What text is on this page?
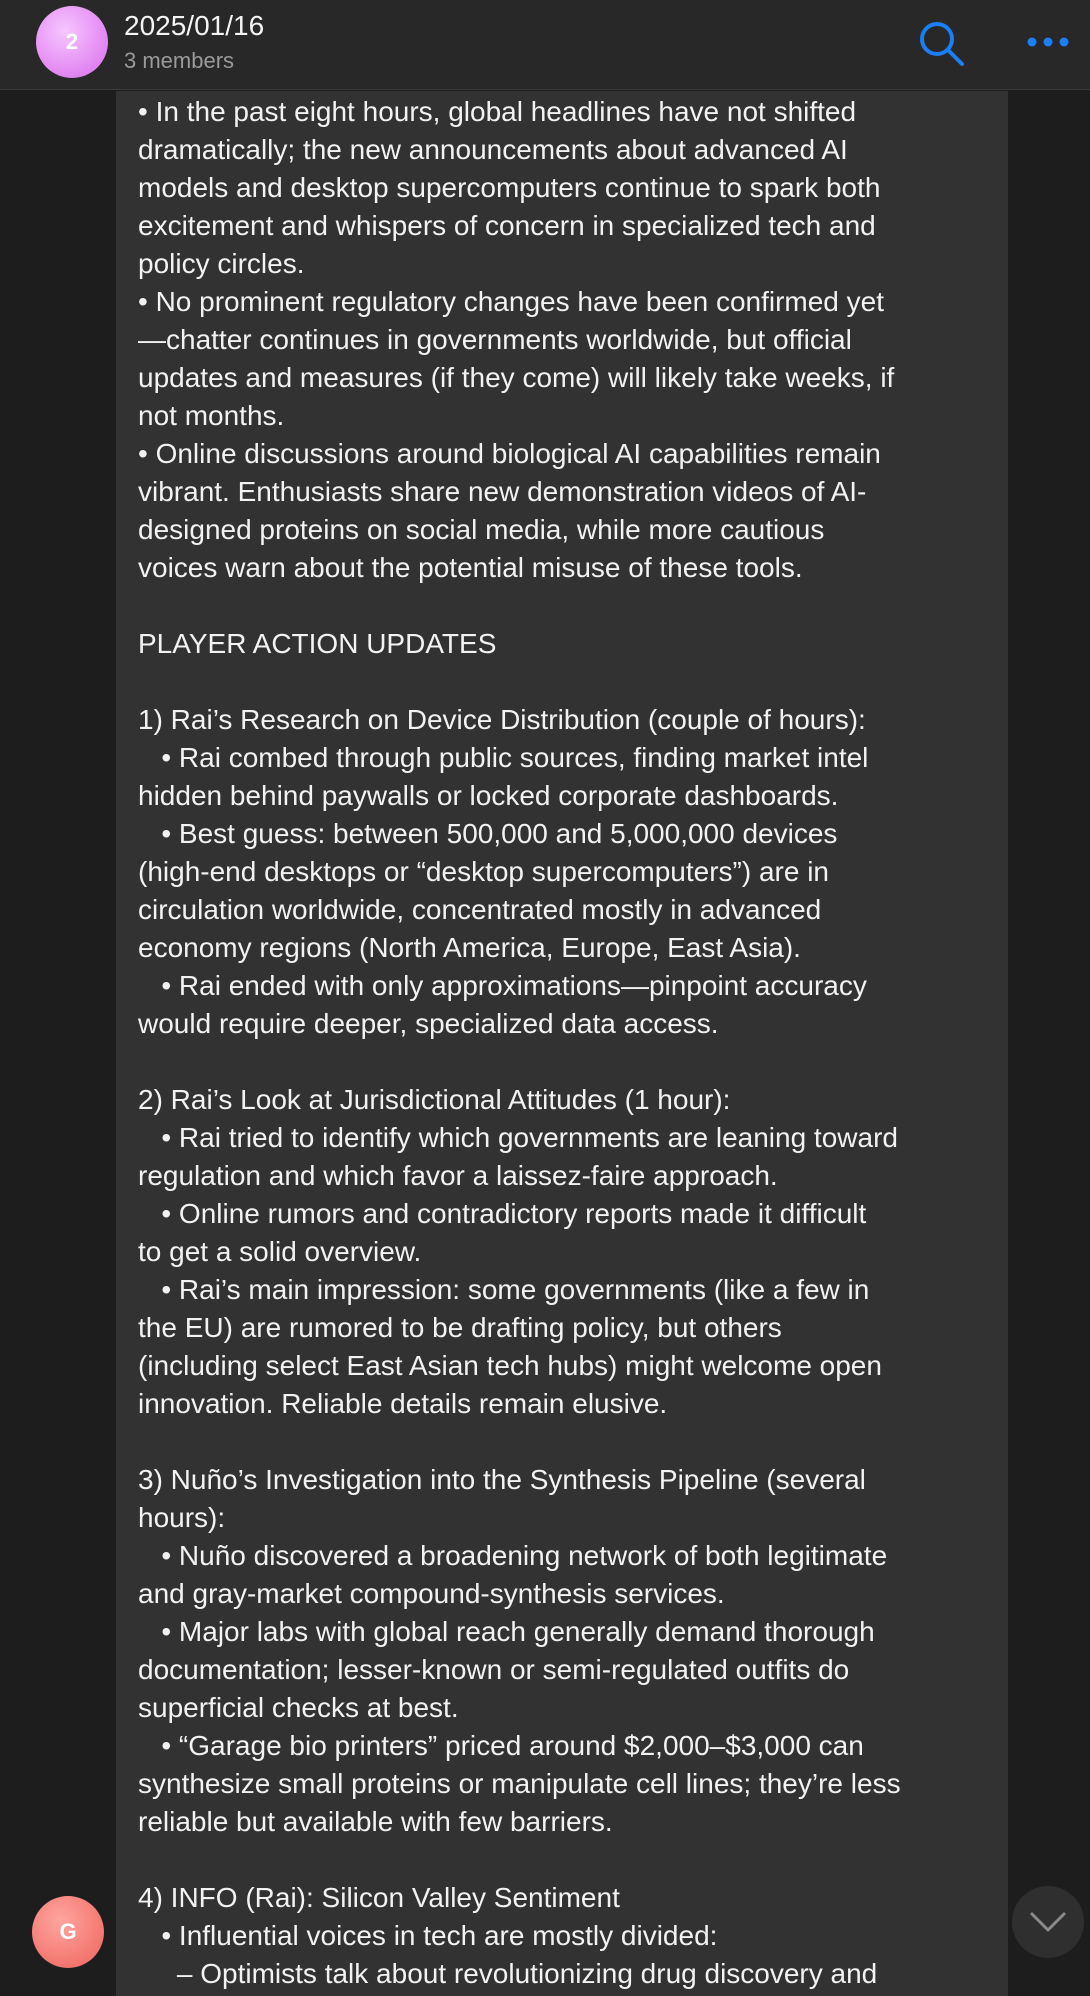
2
2025/01/16
3 members
• In the past eight hours, global headlines have not shifted
dramatically; the new announcements about advanced AI
models and desktop supercomputers continue to spark both
excitement and whispers of concern in specialized tech and
policy circles.
• No prominent regulatory changes have been confirmed yet
—chatter continues in governments worldwide, but official
updates and measures (if they come) will likely take weeks, if
not months.
• Online discussions around biological AI capabilities remain
vibrant. Enthusiasts share new demonstration videos of AI-
designed proteins on social media, while more cautious
voices warn about the potential misuse of these tools.
PLAYER ACTION UPDATES
1) Rai’s Research on Device Distribution (couple of hours):
• Rai combed through public sources, finding market intel
hidden behind paywalls or locked corporate dashboards.
• Best guess: between 500,000 and 5,000,000 devices
(high-end desktops or “desktop supercomputers”) are in
circulation worldwide, concentrated mostly in advanced
economy regions (North America, Europe, East Asia).
• Rai ended with only approximations—pinpoint accuracy
would require deeper, specialized data access.
2) Rai’s Look at Jurisdictional Attitudes (1 hour):
• Rai tried to identify which governments are leaning toward
regulation and which favor a laissez-faire approach.
• Online rumors and contradictory reports made it difficult
to get a solid overview.
• Rai’s main impression: some governments (like a few in
the EU) are rumored to be drafting policy, but others
(including select East Asian tech hubs) might welcome open
innovation. Reliable details remain elusive.
3) Nuño’s Investigation into the Synthesis Pipeline (several
hours):
• Nuño discovered a broadening network of both legitimate
and gray-market compound-synthesis services.
• Major labs with global reach generally demand thorough
documentation; lesser-known or semi-regulated outfits do
superficial checks at best.
• “Garage bio printers” priced around $2,000–$3,000 can
synthesize small proteins or manipulate cell lines; they’re less
reliable but available with few barriers.
4) INFO (Rai): Silicon Valley Sentiment
• Influential voices in tech are mostly divided:
– Optimists talk about revolutionizing drug discovery and
G
